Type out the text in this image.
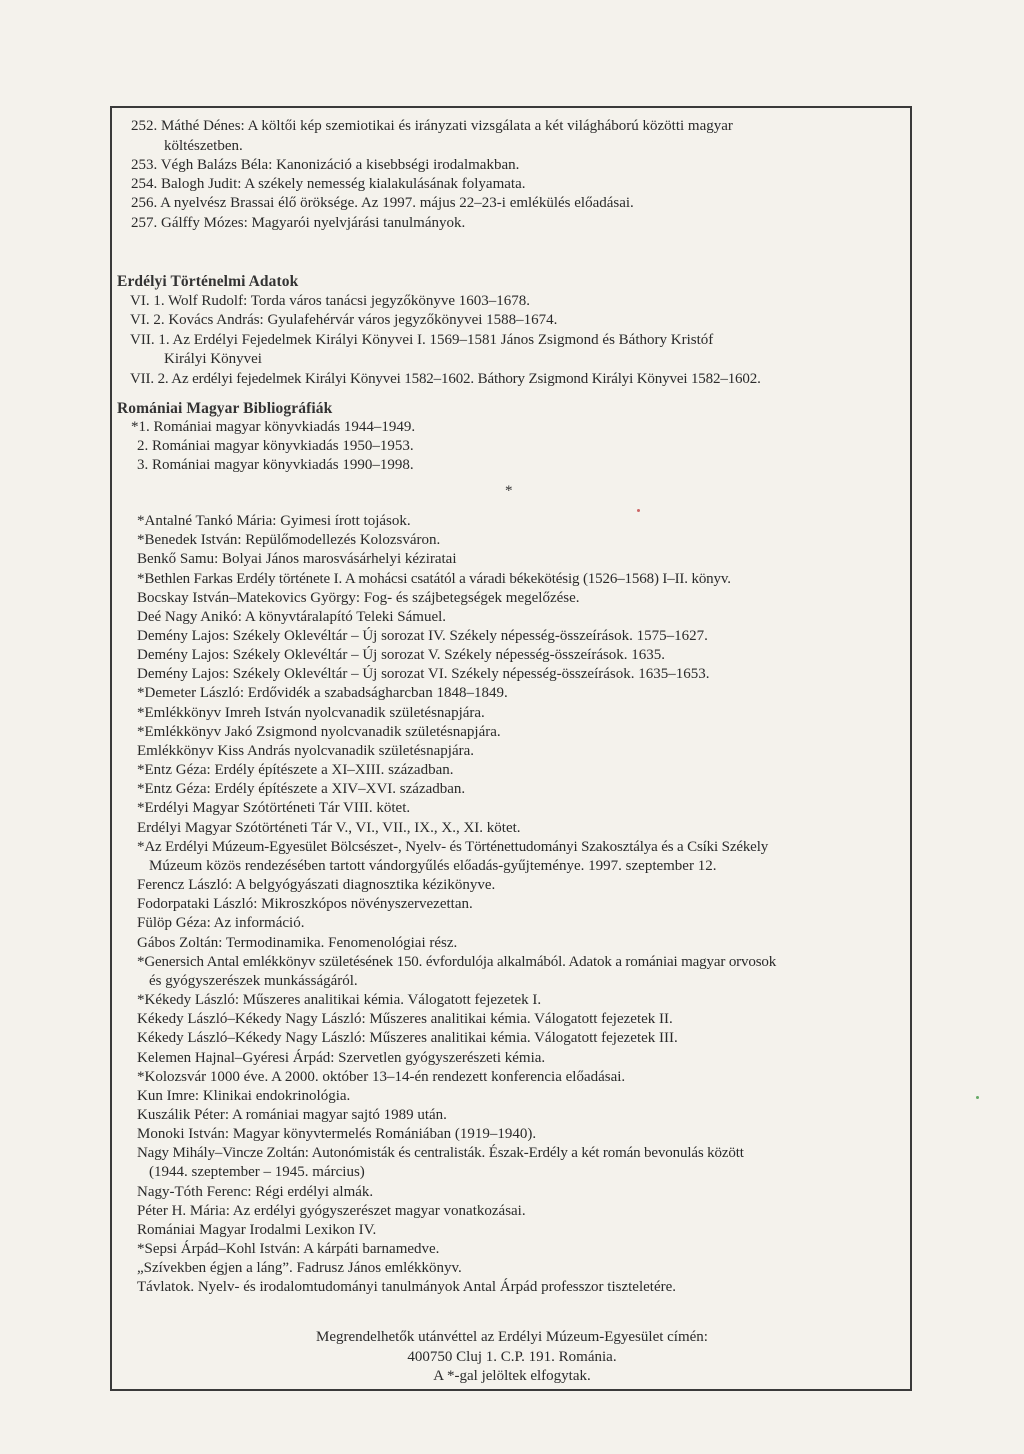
252. Máthé Dénes: A költői kép szemiotikai és irányzati vizsgálata a két világháború közötti magyar
költészetben.
253. Végh Balázs Béla: Kanonizáció a kisebbségi irodalmakban.
254. Balogh Judit: A székely nemesség kialakulásának folyamata.
256. A nyelvész Brassai élő öröksége. Az 1997. május 22–23-i emlékülés előadásai.
257. Gálffy Mózes: Magyarói nyelvjárási tanulmányok.
Erdélyi Történelmi Adatok
VI. 1. Wolf Rudolf: Torda város tanácsi jegyzőkönyve 1603–1678.
VI. 2. Kovács András: Gyulafehérvár város jegyzőkönyvei 1588–1674.
VII. 1. Az Erdélyi Fejedelmek Királyi Könyvei I. 1569–1581 János Zsigmond és Báthory Kristóf
Királyi Könyvei
VII. 2. Az erdélyi fejedelmek Királyi Könyvei 1582–1602. Báthory Zsigmond Királyi Könyvei 1582–1602.
Romániai Magyar Bibliográfiák
*1. Romániai magyar könyvkiadás 1944–1949.
2. Romániai magyar könyvkiadás 1950–1953.
3. Romániai magyar könyvkiadás 1990–1998.
*
*Antalné Tankó Mária: Gyimesi írott tojások.
*Benedek István: Repülőmodellezés Kolozsváron.
Benkő Samu: Bolyai János marosvásárhelyi kéziratai
*Bethlen Farkas Erdély története I. A mohácsi csatától a váradi békekötésig (1526–1568) I–II. könyv.
Bocskay István–Matekovics György: Fog- és szájbetegségek megelőzése.
Deé Nagy Anikó: A könyvtáralapító Teleki Sámuel.
Demény Lajos: Székely Oklevéltár – Új sorozat IV. Székely népesség-összeírások. 1575–1627.
Demény Lajos: Székely Oklevéltár – Új sorozat V. Székely népesség-összeírások. 1635.
Demény Lajos: Székely Oklevéltár – Új sorozat VI. Székely népesség-összeírások. 1635–1653.
*Demeter László: Erdővidék a szabadságharcban 1848–1849.
*Emlékkönyv Imreh István nyolcvanadik születésnapjára.
*Emlékkönyv Jakó Zsigmond nyolcvanadik születésnapjára.
Emlékkönyv Kiss András nyolcvanadik születésnapjára.
*Entz Géza: Erdély építészete a XI–XIII. században.
*Entz Géza: Erdély építészete a XIV–XVI. században.
*Erdélyi Magyar Szótörténeti Tár VIII. kötet.
Erdélyi Magyar Szótörténeti Tár V., VI., VII., IX., X., XI. kötet.
*Az Erdélyi Múzeum-Egyesület Bölcsészet-, Nyelv- és Történettudományi Szakosztálya és a Csíki Székely
Múzeum közös rendezésében tartott vándorgyűlés előadás-gyűjteménye. 1997. szeptember 12.
Ferencz László: A belgyógyászati diagnosztika kézikönyve.
Fodorpataki László: Mikroszkópos növényszervezettan.
Fülöp Géza: Az információ.
Gábos Zoltán: Termodinamika. Fenomenológiai rész.
*Genersich Antal emlékkönyv születésének 150. évfordulója alkalmából. Adatok a romániai magyar orvosok
és gyógyszerészek munkásságáról.
*Kékedy László: Műszeres analitikai kémia. Válogatott fejezetek I.
Kékedy László–Kékedy Nagy László: Műszeres analitikai kémia. Válogatott fejezetek II.
Kékedy László–Kékedy Nagy László: Műszeres analitikai kémia. Válogatott fejezetek III.
Kelemen Hajnal–Gyéresi Árpád: Szervetlen gyógyszerészeti kémia.
*Kolozsvár 1000 éve. A 2000. október 13–14-én rendezett konferencia előadásai.
Kun Imre: Klinikai endokrinológia.
Kuszálik Péter: A romániai magyar sajtó 1989 után.
Monoki István: Magyar könyvtermelés Romániában (1919–1940).
Nagy Mihály–Vincze Zoltán: Autonómisták és centralisták. Észak-Erdély a két román bevonulás között
(1944. szeptember – 1945. március)
Nagy-Tóth Ferenc: Régi erdélyi almák.
Péter H. Mária: Az erdélyi gyógyszerészet magyar vonatkozásai.
Romániai Magyar Irodalmi Lexikon IV.
*Sepsi Árpád–Kohl István: A kárpáti barnamedve.
„Szívekben égjen a láng”. Fadrusz János emlékkönyv.
Távlatok. Nyelv- és irodalomtudományi tanulmányok Antal Árpád professzor tiszteletére.
Megrendelhetők utánvéttel az Erdélyi Múzeum-Egyesület címén:
400750 Cluj 1. C.P. 191. Románia.
A *-gal jelöltek elfogytak.
